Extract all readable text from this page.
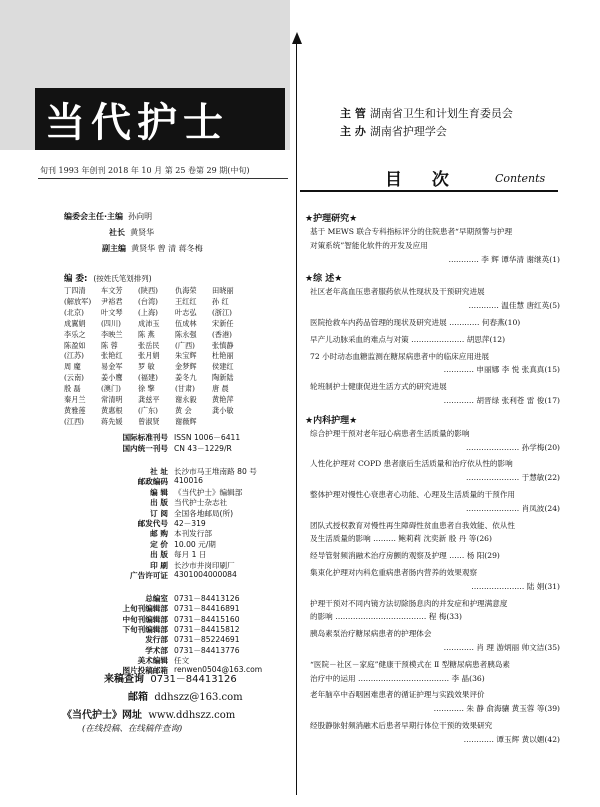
当代护士	主 管 湖南省卫生和计划生育委员会
主 办 湖南省护理学会
旬刊 1993 年创刊 2018 年 10 月 第 25 卷第 29 期(中旬)	目 次	Contents
编委会主任·主编 孙向明
社长 黄贤华
副主编 黄贤华 曾 清 蒋冬梅
编 委: (按姓氏笔划排列)
丁四清	车文芳	(陕西)	仇海荣	田晓丽
(解放军)	尹裕君	(台湾)	王红红	孙 红
(北京)	叶文琴	(上海)	叶志弘	(浙江)
成翼娟	(四川)	成沛玉	伍成林	宋新任
李乐之	李映兰	陈 燕	陈永强	(香港)
陈盈如	陈 蓉	张岳民	(广西)	张慎静
(江苏)	张艳红	张月娟	朱宝辉	杜艳丽
周 魔	易金军	罗 敏	金梦辉	侯建红
(云南)	姜小鹰	(福建)	姜冬九	陶新陆
殷 磊	(澳门)	徐 擎	(甘肃)	唐 晨
秦月兰	常清明	龚兹平	谢永毅	黄艳萍
黄雅莲	黄惠根	(广东)	黄 会	龚小敏
(江西)	蒋先媛	曾淑贤	谢薇辉
国际标准刊号 ISSN 1006－6411
国内统一刊号 CN 43－1229/R
社 址 长沙市马王堆南路 80 号
邮政编码 410016
编 辑 《当代护士》编辑部
出 版 当代护士杂志社
订 阅 全国各地邮局(所)
邮发代号 42－319
邮 购 本刊发行部
定 价 10.00 元/期
出 版 每月 1 日
印 刷 长沙市井岗印刷厂
广告许可证 4301004000084
总编室 0731－84413126
上旬刊编辑部 0731－84416891
中旬刊编辑部 0731－84415160
下旬刊编辑部 0731－84415812
发行部 0731－85224691
学术部 0731－84413776
美术编辑 任文
图片投稿邮箱 renwen0504@163.com
来稿查询 0731－84413126
邮箱 ddhszz@163.com
《当代护士》网址 www.ddhszz.com
(在线投稿、在线稿件查询)
★护理研究★
基于 MEWS 联合专科指标评分的住院患者“早期预警与护理
对策系统”智能化软件的开发及应用
………… 李 辉 谭华清 谢继英(1)
★综 述★
社区老年高血压患者服药依从性现状及干预研究进展
………… 温佳慧 唐红英(5)
医院抢救车内药品管理的现状及研究进展 ………… 何春燕(10)
早产儿动脉采血的难点与对策 ………………… 胡思萍(12)
72 小时动态血糖监测在糖尿病患者中的临床应用进展
………… 申丽娜 李 悦 张真真(15)
轮班制护士健康促进生活方式的研究进展
………… 胡晋绿 张利苍 雷 俊(17)
★内科护理★
综合护理干预对老年冠心病患者生活质量的影响
………………… 孙学梅(20)
人性化护理对 COPD 患者康后生活质量和治疗依从性的影响
………………… 于慧敏(22)
整体护理对慢性心衰患者心功能、心理及生活质量的干预作用
………………… 肖凤波(24)
团队式授权教育对慢性再生障碍性贫血患者自我效能、依从性
及生活质量的影响 ……… 鲍莉莉 沈奕新 殷 丹 等(26)
经导管射频消融术治疗房颤的观察及护理 …… 杨 阳(29)
集束化护理对内科危重病患者肠内营养的效果观察
………………… 陆 娟(31)
护理干预对不同内镜方法切除肠息肉的并发症和护理满意度
的影响 ……………………………… 程 梅(33)
胰岛素泵治疗糖尿病患者的护理体会
………… 肖 理 游炳丽 帅文洁(35)
“医院－社区－家庭”健康干预模式在 Ⅱ 型糖尿病患者胰岛素
治疗中的运用 ……………………………… 李 晶(36)
老年脑卒中吞咽困难患者的循证护理与实践效果评价
………… 朱 静 俞海骧 黄玉蓉 等(39)
经股静脉射频消融术后患者早期行体位干预的效果研究
………… 谭玉辉 黄以媚(42)
